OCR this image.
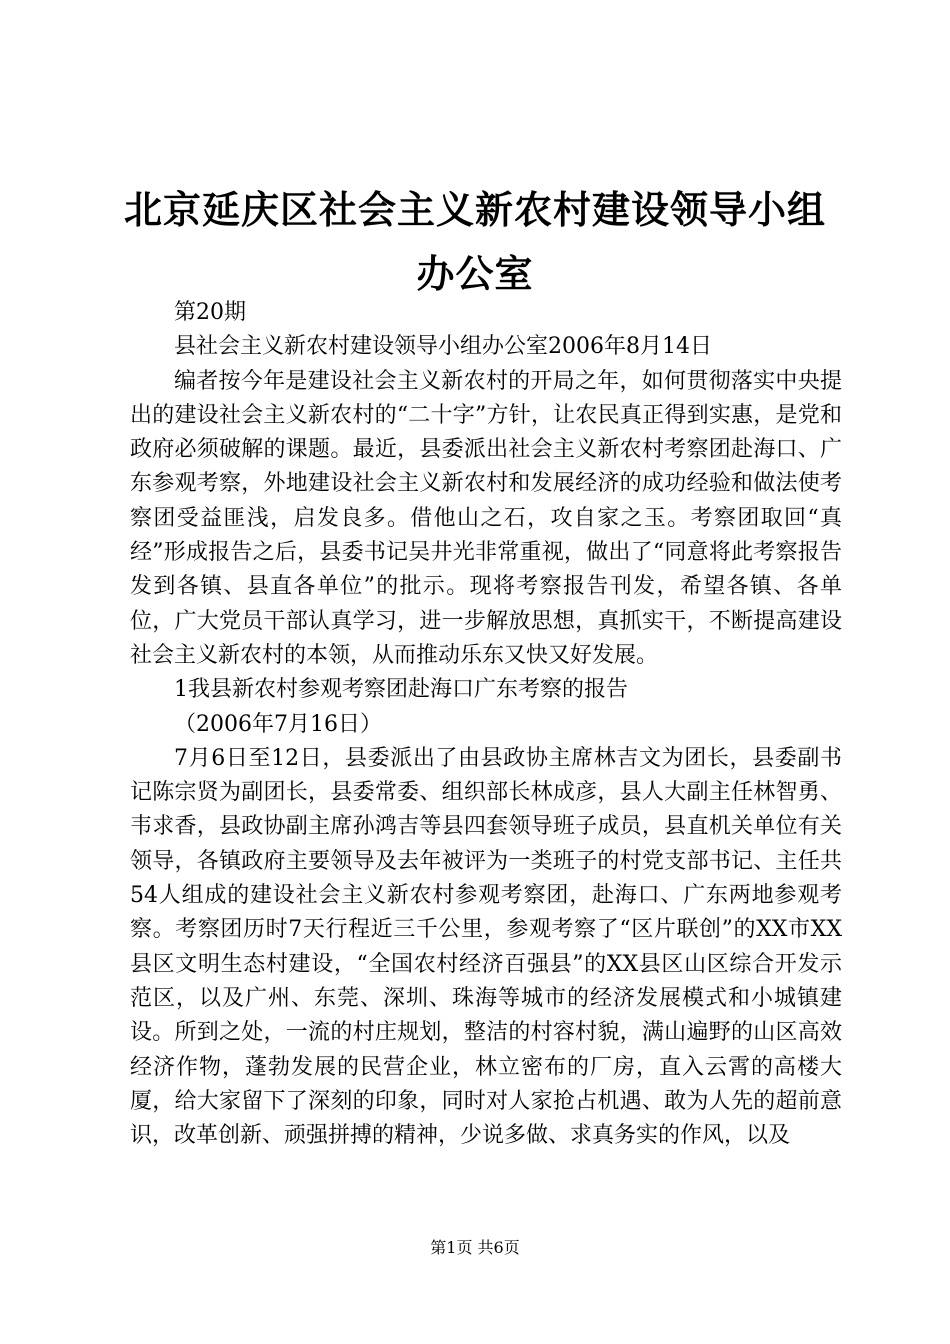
北京延庆区社会主义新农村建设领导小组办公室

第20期

县社会主义新农村建设领导小组办公室2006年8月14日

编者按今年是建设社会主义新农村的开局之年，如何贯彻落实中央提出的建设社会主义新农村的“二十字”方针，让农民真正得到实惠，是党和政府必须破解的课题。最近，县委派出社会主义新农村考察团赴海口、广东参观考察，外地建设社会主义新农村和发展经济的成功经验和做法使考察团受益匪浅，启发良多。借他山之石，攻自家之玉。考察团取回“真经”形成报告之后，县委书记吴井光非常重视，做出了“同意将此考察报告发到各镇、县直各单位”的批示。现将考察报告刊发，希望各镇、各单位，广大党员干部认真学习，进一步解放思想，真抓实干，不断提高建设社会主义新农村的本领，从而推动乐东又快又好发展。

1我县新农村参观考察团赴海口广东考察的报告

（2006年7月16日）

7月6日至12日，县委派出了由县政协主席林吉文为团长，县委副书记陈宗贤为副团长，县委常委、组织部长林成彦，县人大副主任林智勇、韦求香，县政协副主席孙鸿吉等县四套领导班子成员，县直机关单位有关领导，各镇政府主要领导及去年被评为一类班子的村党支部书记、主任共54人组成的建设社会主义新农村参观考察团，赴海口、广东两地参观考察。考察团历时7天行程近三千公里，参观考察了“区片联创”的XX市XX县区文明生态村建设，“全国农村经济百强县”的XX县区山区综合开发示范区，以及广州、东莞、深圳、珠海等城市的经济发展模式和小城镇建设。所到之处，一流的村庄规划，整洁的村容村貌，满山遍野的山区高效经济作物，蓬勃发展的民营企业，林立密布的厂房，直入云霄的高楼大厦，给大家留下了深刻的印象，同时对人家抢占机遇、敢为人先的超前意识，改革创新、顽强拼搏的精神，少说多做、求真务实的作风，以及

第1页 共6页
